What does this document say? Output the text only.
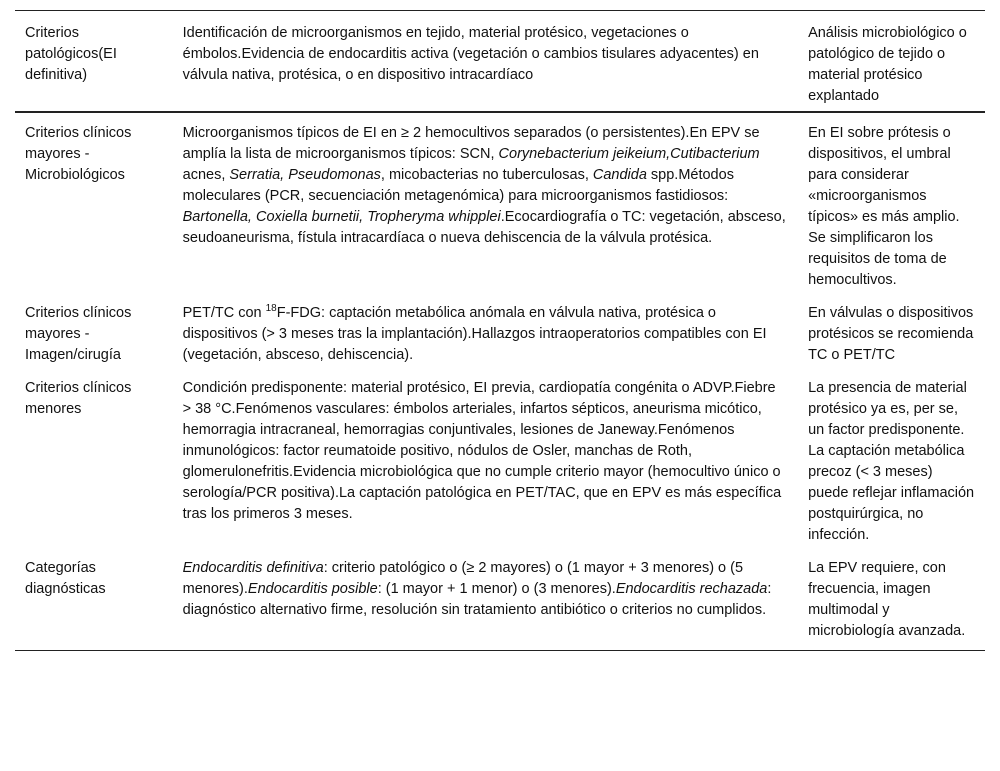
Criterios patológicos(EI definitiva)	Identificación de microorganismos en tejido, material protésico, vegetaciones o émbolos.Evidencia de endocarditis activa (vegetación o cambios tisulares adyacentes) en válvula nativa, protésica, o en dispositivo intracardíaco	Análisis microbiológico o patológico de tejido o material protésico explantado
Criterios clínicos mayores - Microbiológicos	Microorganismos típicos de EI en ≥ 2 hemocultivos separados (o persistentes).En EPV se amplía la lista de microorganismos típicos: SCN, Corynebacterium jeikeium,Cutibacterium acnes, Serratia, Pseudomonas, micobacterias no tuberculosas, Candida spp.Métodos moleculares (PCR, secuenciación metagenómica) para microorganismos fastidiosos: Bartonella, Coxiella burnetii, Tropheryma whipplei.Ecocardiografía o TC: vegetación, absceso, seudoaneurisma, fístula intracardíaca o nueva dehiscencia de la válvula protésica.	En EI sobre prótesis o dispositivos, el umbral para considerar «microorganismos típicos» es más amplio. Se simplificaron los requisitos de toma de hemocultivos.
Criterios clínicos mayores - Imagen/cirugía	PET/TC con $^{18}$F-FDG: captación metabólica anómala en válvula nativa, protésica o dispositivos (> 3 meses tras la implantación).Hallazgos intraoperatorios compatibles con EI (vegetación, absceso, dehiscencia).	En válvulas o dispositivos protésicos se recomienda TC o PET/TC
Criterios clínicos menores	Condición predisponente: material protésico, EI previa, cardiopatía congénita o ADVP.Fiebre > 38 °C.Fenómenos vasculares: émbolos arteriales, infartos sépticos, aneurisma micótico, hemorragia intracraneal, hemorragias conjuntivales, lesiones de Janeway.Fenómenos inmunológicos: factor reumatoide positivo, nódulos de Osler, manchas de Roth, glomerulonefritis.Evidencia microbiológica que no cumple criterio mayor (hemocultivo único o serología/PCR positiva).La captación patológica en PET/TAC, que en EPV es más específica tras los primeros 3 meses.	La presencia de material protésico ya es, per se, un factor predisponente. La captación metabólica precoz (< 3 meses) puede reflejar inflamación postquirúrgica, no infección.
Categorías diagnósticas	Endocarditis definitiva: criterio patológico o (≥ 2 mayores) o (1 mayor + 3 menores) o (5 menores).Endocarditis posible: (1 mayor + 1 menor) o (3 menores).Endocarditis rechazada: diagnóstico alternativo firme, resolución sin tratamiento antibiótico o criterios no cumplidos.	La EPV requiere, con frecuencia, imagen multimodal y microbiología avanzada.
